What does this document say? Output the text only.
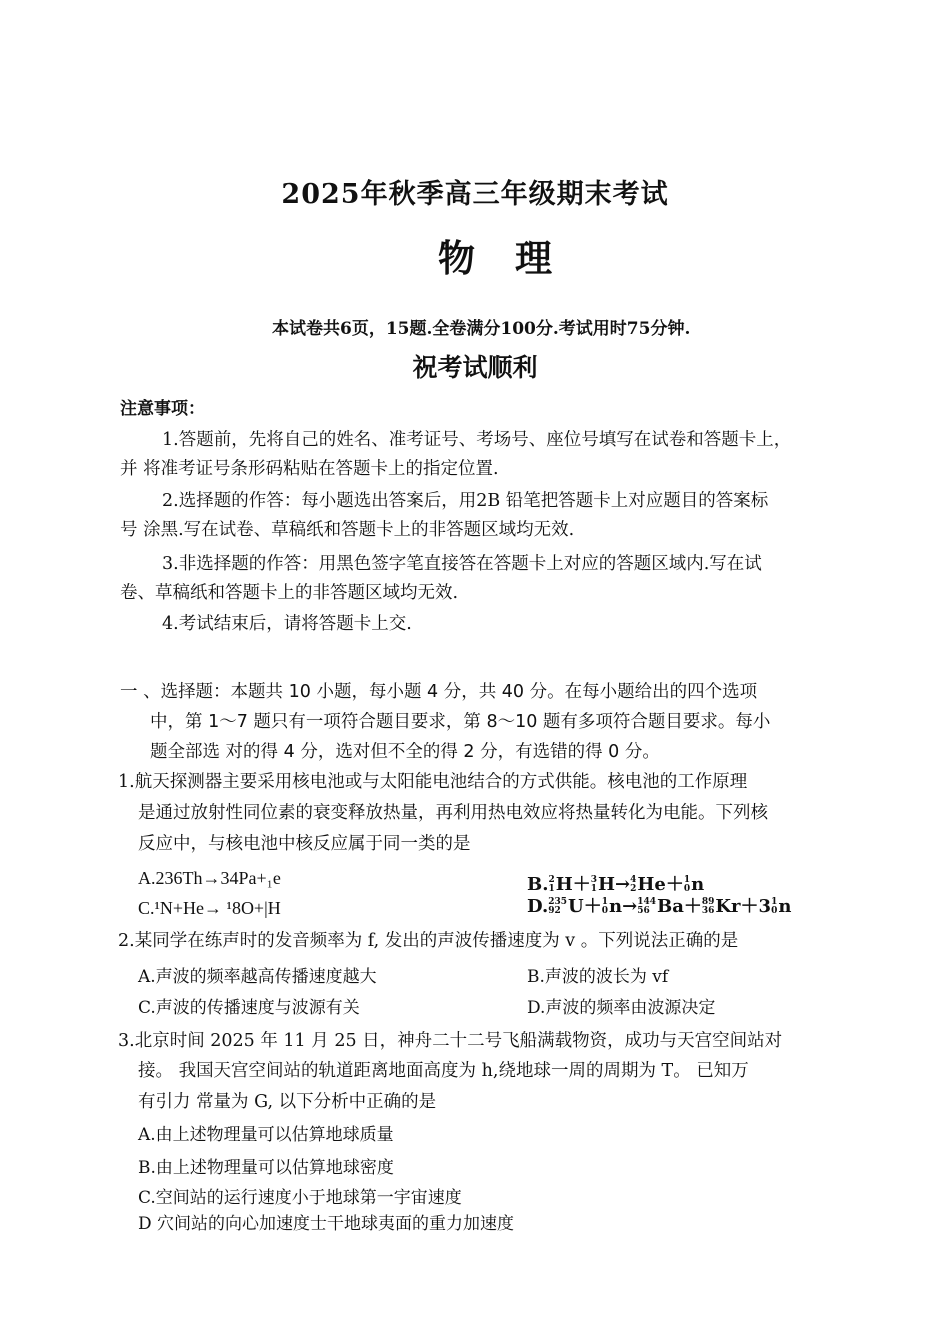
2025年秋季高三年级期末考试
物理
本试卷共6页，15题.全卷满分100分.考试用时75分钟.
祝考试顺利
注意事项：
1.答题前，先将自己的姓名、准考证号、考场号、座位号填写在试卷和答题卡上，
并 将准考证号条形码粘贴在答题卡上的指定位置.
2.选择题的作答：每小题选出答案后，用2B 铅笔把答题卡上对应题目的答案标
号 涂黑.写在试卷、草稿纸和答题卡上的非答题区域均无效.
3.非选择题的作答：用黑色签字笔直接答在答题卡上对应的答题区域内.写在试
卷、草稿纸和答题卡上的非答题区域均无效.
4.考试结束后，请将答题卡上交.
一 、选择题：本题共 10 小题，每小题 4 分，共 40 分。在每小题给出的四个选项
中，第 1～7 题只有一项符合题目要求，第 8～10 题有多项符合题目要求。每小
题全部选 对的得 4 分，选对但不全的得 2 分，有选错的得 0 分。
1.航天探测器主要采用核电池或与太阳能电池结合的方式供能。核电池的工作原理
是通过放射性同位素的衰变释放热量，再利用热电效应将热量转化为电能。下列核
反应中，与核电池中核反应属于同一类的是
A.236Th→34Pa+₁e
C.¹N+He→ ¹8O+|H
B.2
1H＋3
1H→4
2He＋1
0n
D.235
92 U＋1
0n→144
56 Ba＋89
36Kr＋31
0n
2.某同学在练声时的发音频率为 f, 发出的声波传播速度为 v 。下列说法正确的是
A.声波的频率越高传播速度越大	B.声波的波长为 vf
C.声波的传播速度与波源有关	D.声波的频率由波源决定
3.北京时间 2025 年 11 月 25 日，神舟二十二号飞船满载物资，成功与天宫空间站对
接。 我国天宫空间站的轨道距离地面高度为 h,绕地球一周的周期为 T。 已知万
有引力 常量为 G, 以下分析中正确的是
A.由上述物理量可以估算地球质量
B.由上述物理量可以估算地球密度
C.空间站的运行速度小于地球第一宇宙速度
D 穴间站的向心加速度士干地球夷面的重力加速度
